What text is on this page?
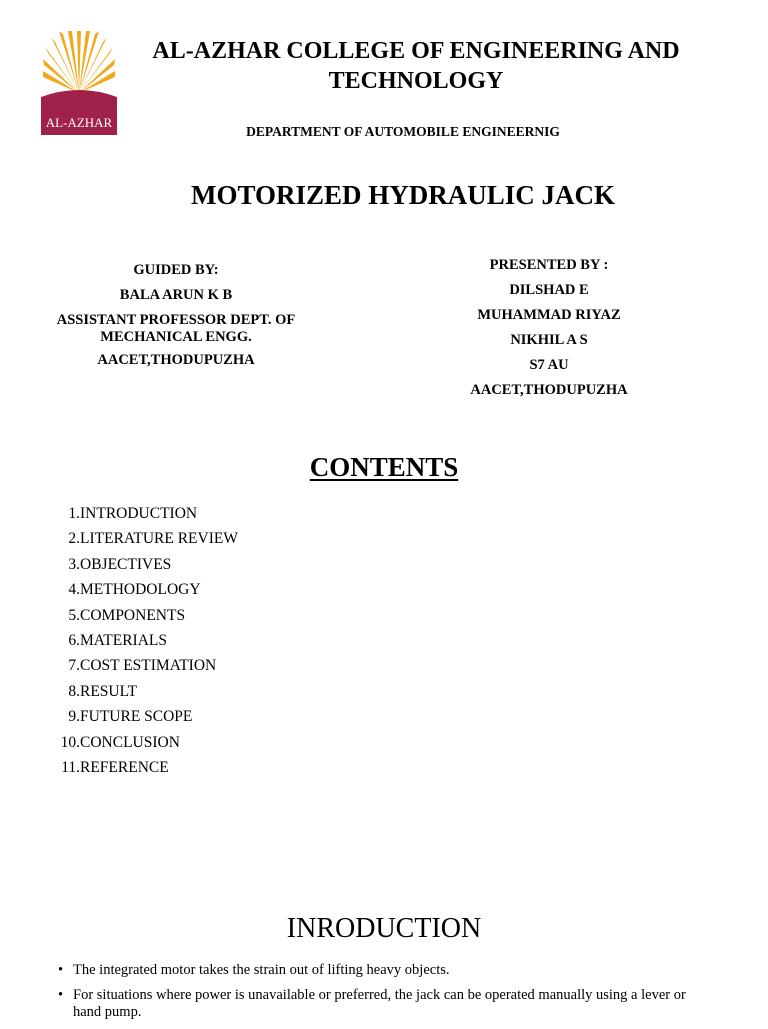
AL-AZHAR
AL-AZHAR COLLEGE OF ENGINEERING AND TECHNOLOGY
DEPARTMENT OF AUTOMOBILE ENGINEERNIG
MOTORIZED HYDRAULIC JACK
GUIDED BY:
BALA ARUN K B
ASSISTANT PROFESSOR DEPT. OF MECHANICAL ENGG.
AACET,THODUPUZHA
PRESENTED BY :
DILSHAD E
MUHAMMAD RIYAZ
NIKHIL A S
S7 AU
AACET,THODUPUZHA
CONTENTS
1. INTRODUCTION
2. LITERATURE REVIEW
3. OBJECTIVES
4. METHODOLOGY
5. COMPONENTS
6. MATERIALS
7. COST ESTIMATION
8. RESULT
9. FUTURE SCOPE
10. CONCLUSION
11. REFERENCE
INRODUCTION
• The integrated motor takes the strain out of lifting heavy objects.
• For situations where power is unavailable or preferred, the jack can be operated manually using a lever or hand pump.
